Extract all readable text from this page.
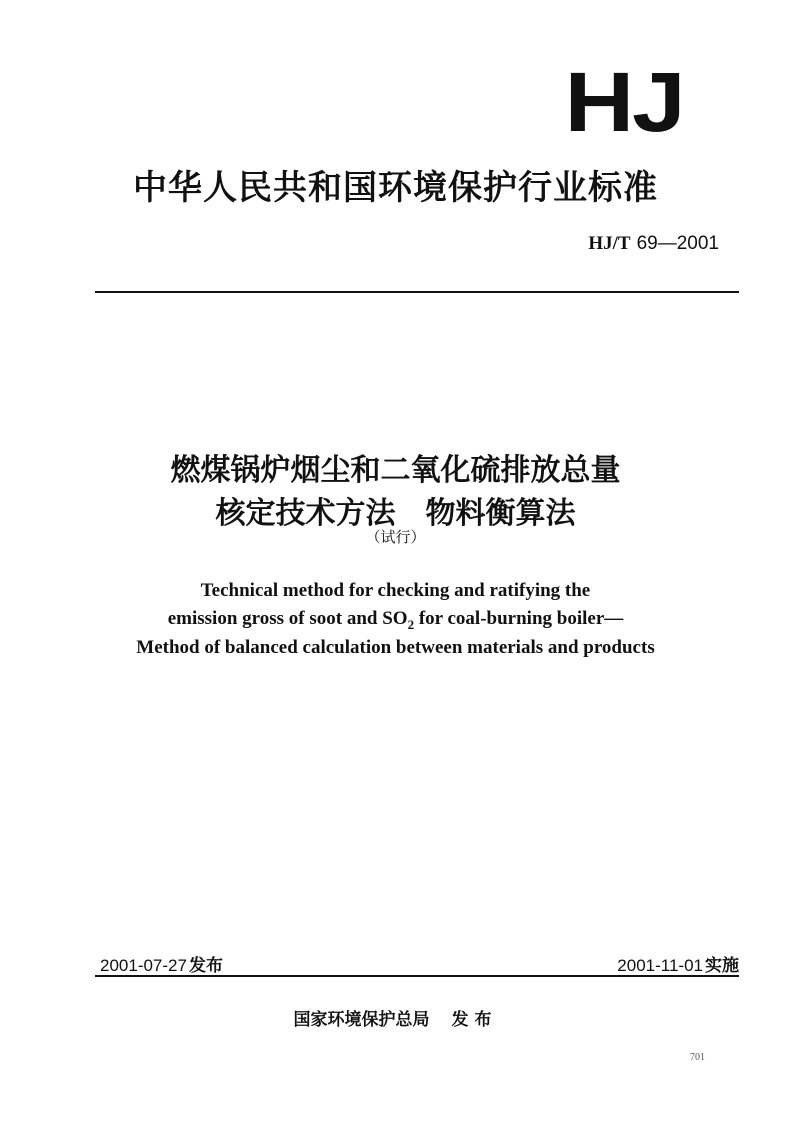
HJ
中华人民共和国环境保护行业标准
HJ/T 69—2001
燃煤锅炉烟尘和二氧化硫排放总量
核定技术方法 物料衡算法
（试行）
Technical method for checking and ratifying the
emission gross of soot and $SO_2$ for coal-burning boiler—
Method of balanced calculation between materials and products
2001-07-27 发布	2001-11-01 实施
国家环境保护总局 发布
701
